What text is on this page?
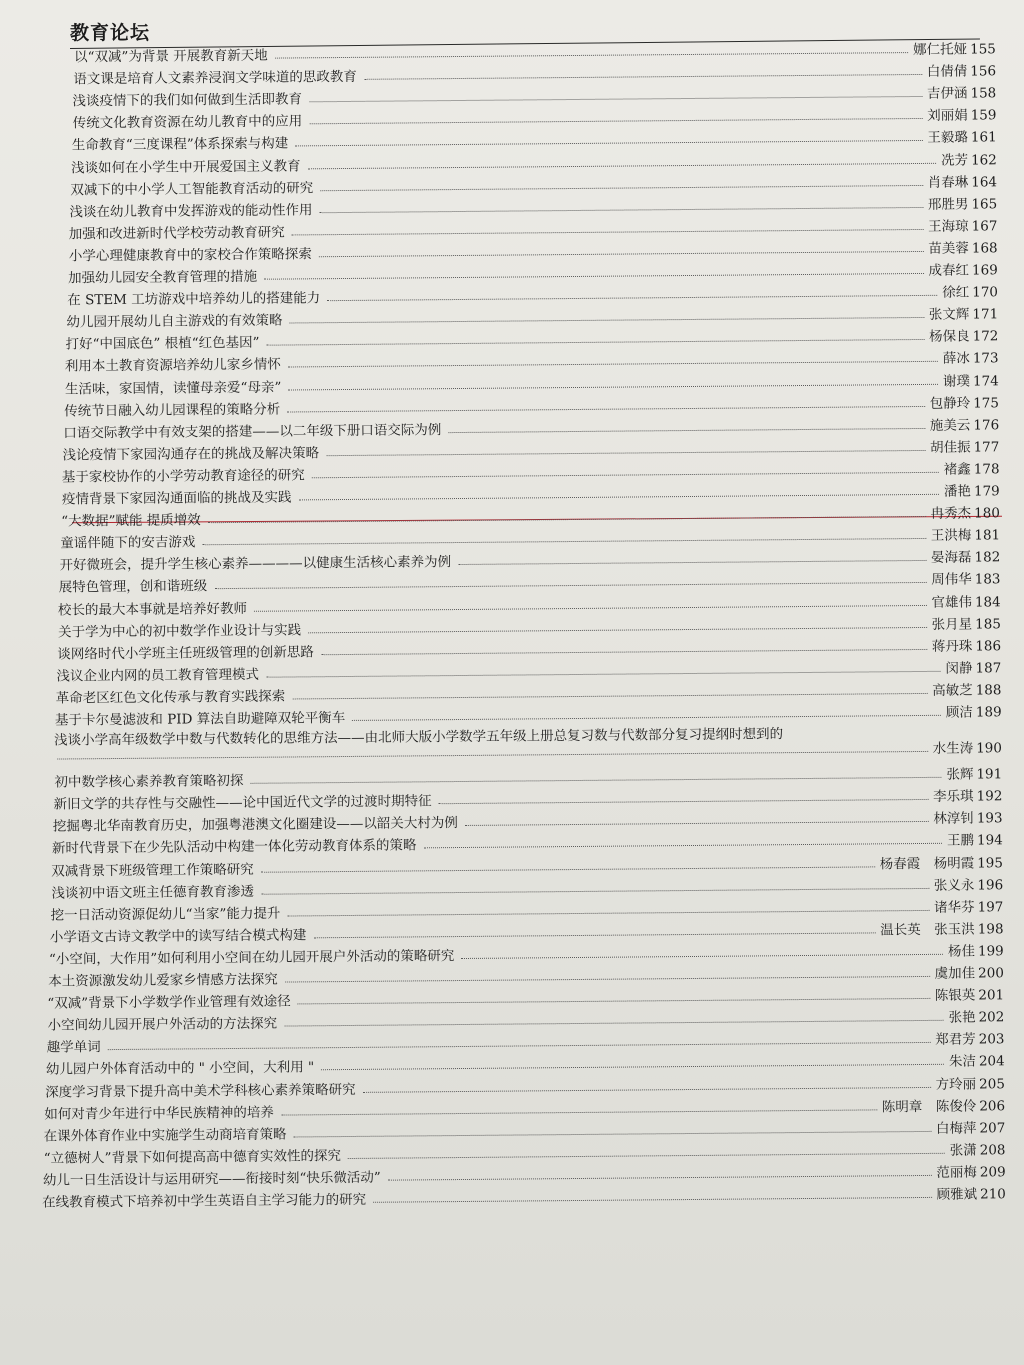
教育论坛
以“双减”为背景 开展教育新天地	娜仁托娅 155
语文课是培育人文素养浸润文学味道的思政教育	白倩倩 156
浅谈疫情下的我们如何做到生活即教育	吉伊涵 158
传统文化教育资源在幼儿教育中的应用	刘丽娟 159
生命教育“三度课程”体系探索与构建	王毅璐 161
浅谈如何在小学生中开展爱国主义教育	冼芳 162
双减下的中小学人工智能教育活动的研究	肖春琳 164
浅谈在幼儿教育中发挥游戏的能动性作用	邢胜男 165
加强和改进新时代学校劳动教育研究	王海琼 167
小学心理健康教育中的家校合作策略探索	苗美蓉 168
加强幼儿园安全教育管理的措施	成春红 169
在 STEM 工坊游戏中培养幼儿的搭建能力	徐红 170
幼儿园开展幼儿自主游戏的有效策略	张文辉 171
打好“中国底色” 根植“红色基因”	杨保良 172
利用本土教育资源培养幼儿家乡情怀	薛冰 173
生活味，家国情，读懂母亲爱“母亲”	谢璞 174
传统节日融入幼儿园课程的策略分析	包静玲 175
口语交际教学中有效支架的搭建——以二年级下册口语交际为例	施美云 176
浅论疫情下家园沟通存在的挑战及解决策略	胡佳振 177
基于家校协作的小学劳动教育途径的研究	褚鑫 178
疫情背景下家园沟通面临的挑战及实践	潘艳 179
“大数据”赋能 提质增效	冉秀杰 180
童谣伴随下的安吉游戏	王洪梅 181
开好微班会，提升学生核心素养————以健康生活核心素养为例	晏海磊 182
展特色管理，创和谐班级	周伟华 183
校长的最大本事就是培养好教师	官雄伟 184
关于学为中心的初中数学作业设计与实践	张月星 185
谈网络时代小学班主任班级管理的创新思路	蒋丹珠 186
浅议企业内网的员工教育管理模式	闵静 187
革命老区红色文化传承与教育实践探索	高敏芝 188
基于卡尔曼滤波和 PID 算法自助避障双轮平衡车	顾洁 189
浅谈小学高年级数学中数与代数转化的思维方法——由北师大版小学数学五年级上册总复习数与代数部分复习提纲时想到的
水生涛 190
初中数学核心素养教育策略初探	张辉 191
新旧文学的共存性与交融性——论中国近代文学的过渡时期特征	李乐琪 192
挖掘粤北华南教育历史，加强粤港澳文化圈建设——以韶关大村为例	林淳钊 193
新时代背景下在少先队活动中构建一体化劳动教育体系的策略	王鹏 194
双减背景下班级管理工作策略研究	杨春霞　杨明霞 195
浅谈初中语文班主任德育教育渗透	张义永 196
挖一日活动资源促幼儿“当家”能力提升	诸华芬 197
小学语文古诗文教学中的读写结合模式构建	温长英　张玉洪 198
“小空间，大作用”如何利用小空间在幼儿园开展户外活动的策略研究	杨佳 199
本土资源激发幼儿爱家乡情感方法探究	虞加佳 200
“双减”背景下小学数学作业管理有效途径	陈银英 201
小空间幼儿园开展户外活动的方法探究	张艳 202
趣学单词	郑君芳 203
幼儿园户外体育活动中的 " 小空间，大利用 "	朱洁 204
深度学习背景下提升高中美术学科核心素养策略研究	方玲丽 205
如何对青少年进行中华民族精神的培养	陈明章　陈俊伶 206
在课外体育作业中实施学生动商培育策略	白梅萍 207
“立德树人”背景下如何提高高中德育实效性的探究	张潇 208
幼儿一日生活设计与运用研究——衔接时刻“快乐微活动”	范丽梅 209
在线教育模式下培养初中学生英语自主学习能力的研究	顾雅斌 210
